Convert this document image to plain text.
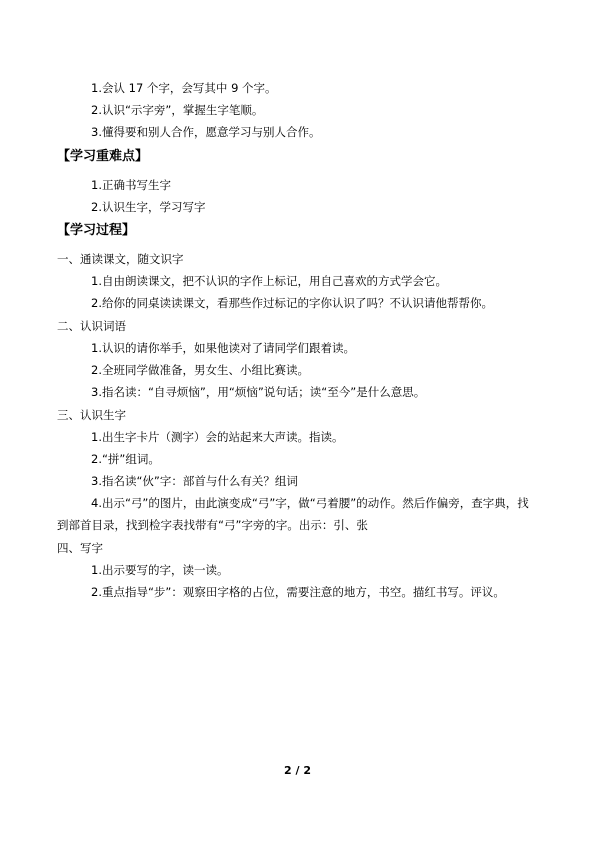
1.会认 17 个字，会写其中 9 个字。
2.认识“示字旁”，掌握生字笔顺。
3.懂得要和别人合作，愿意学习与别人合作。
【学习重难点】
1.正确书写生字
2.认识生字，学习写字
【学习过程】
一、通读课文，随文识字
1.自由朗读课文，把不认识的字作上标记，用自己喜欢的方式学会它。
2.给你的同桌读读课文，看那些作过标记的字你认识了吗？不认识请他帮帮你。
二、认识词语
1.认识的请你举手，如果他读对了请同学们跟着读。
2.全班同学做准备，男女生、小组比赛读。
3.指名读：“自寻烦恼”，用“烦恼”说句话；读“至今”是什么意思。
三、认识生字
1.出生字卡片（测字）会的站起来大声读。指读。
2.“拼”组词。
3.指名读“伙”字：部首与什么有关？组词
4.出示“弓”的图片，由此演变成“弓”字，做“弓着腰”的动作。然后作偏旁，查字典，找到部首目录，找到检字表找带有“弓”字旁的字。出示：引、张
四、写字
1.出示要写的字，读一读。
2.重点指导“步”：观察田字格的占位，需要注意的地方，书空。描红书写。评议。
2 / 2
